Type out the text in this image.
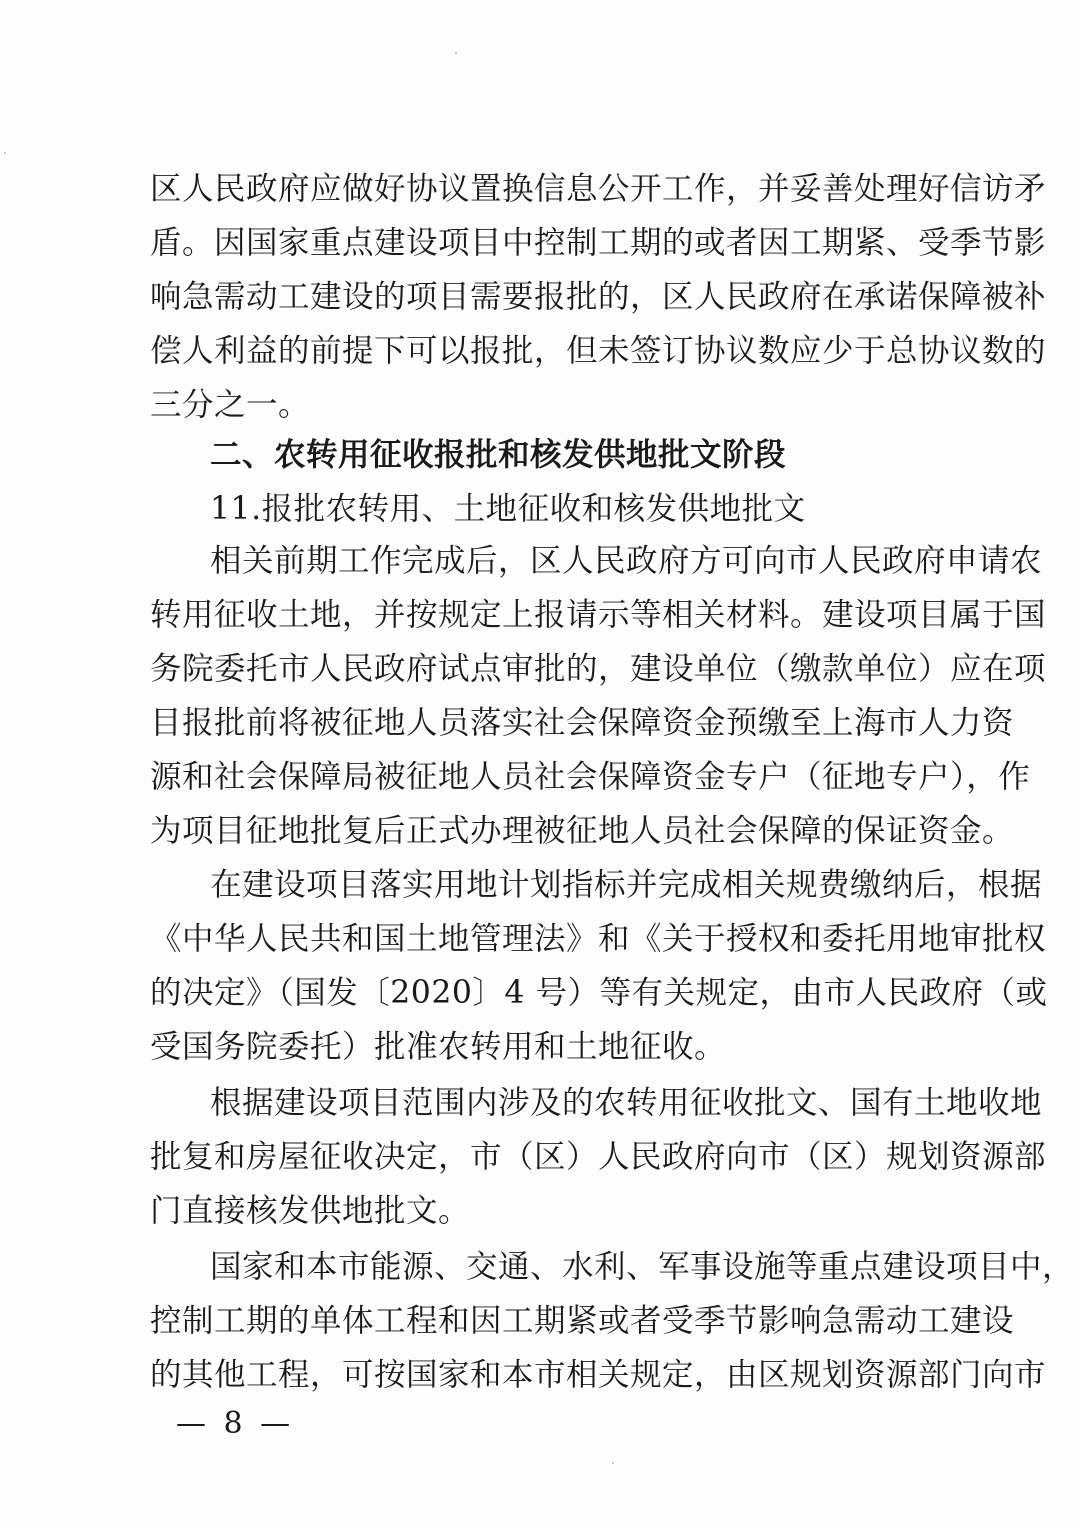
区人民政府应做好协议置换信息公开工作，并妥善处理好信访矛
盾。因国家重点建设项目中控制工期的或者因工期紧、受季节影
响急需动工建设的项目需要报批的，区人民政府在承诺保障被补
偿人利益的前提下可以报批，但未签订协议数应少于总协议数的
三分之一。
二、农转用征收报批和核发供地批文阶段
11.报批农转用、土地征收和核发供地批文
相关前期工作完成后，区人民政府方可向市人民政府申请农
转用征收土地，并按规定上报请示等相关材料。建设项目属于国
务院委托市人民政府试点审批的，建设单位（缴款单位）应在项
目报批前将被征地人员落实社会保障资金预缴至上海市人力资
源和社会保障局被征地人员社会保障资金专户（征地专户），作
为项目征地批复后正式办理被征地人员社会保障的保证资金。
在建设项目落实用地计划指标并完成相关规费缴纳后，根据
《中华人民共和国土地管理法》和《关于授权和委托用地审批权
的决定》（国发〔2020〕4 号）等有关规定，由市人民政府（或
受国务院委托）批准农转用和土地征收。
根据建设项目范围内涉及的农转用征收批文、国有土地收地
批复和房屋征收决定，市（区）人民政府向市（区）规划资源部
门直接核发供地批文。
国家和本市能源、交通、水利、军事设施等重点建设项目中，
控制工期的单体工程和因工期紧或者受季节影响急需动工建设
的其他工程，可按国家和本市相关规定，由区规划资源部门向市
— 8 —
